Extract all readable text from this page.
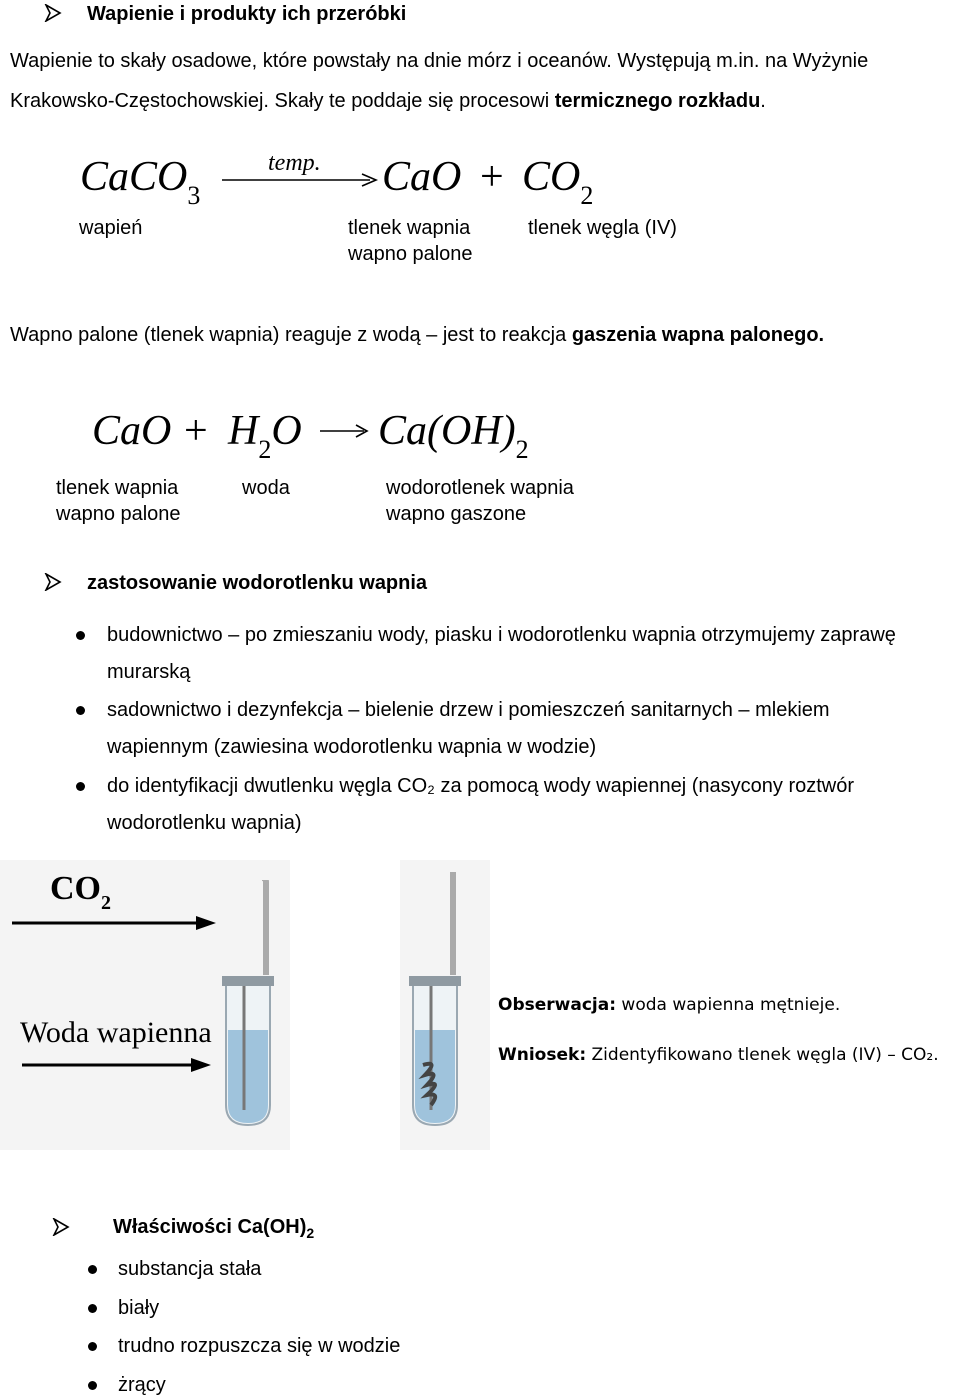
Wapienie i produkty ich przeróbki
Wapienie to skały osadowe, które powstały na dnie mórz i oceanów. Występują m.in. na Wyżynie
Krakowsko-Częstochowskiej. Skały te poddaje się procesowi termicznego rozkładu.
CaCO$_3$
temp. CaO + $CO_2$
wapień	tlenek wapnia
wapno palone
tlenek węgla (IV)
Wapno palone (tlenek wapnia) reaguje z wodą – jest to reakcja gaszenia wapna palonego.
CaO + $H_2O \to Ca(OH)_2$
tlenek wapnia
wapno palone
woda	wodorotlenek wapnia
wapno gaszone
zastosowanie wodorotlenku wapnia
budownictwo – po zmieszaniu wody, piasku i wodorotlenku wapnia otrzymujemy zaprawę
murarską
sadownictwo i dezynfekcja – bielenie drzew i pomieszczeń sanitarnych – mlekiem
wapiennym (zawiesina wodorotlenku wapnia w wodzie)
do identyfikacji dwutlenku węgla CO₂ za pomocą wody wapiennej (nasycony roztwór
wodorotlenku wapnia)
$CO_2$
Woda wapienna
Obserwacja: woda wapienna mętnieje.
Wniosek: Zidentyfikowano tlenek węgla (IV) – CO₂.
Właściwości $Ca(OH)_2$
substancja stała
biały
trudno rozpuszcza się w wodzie
żrący
